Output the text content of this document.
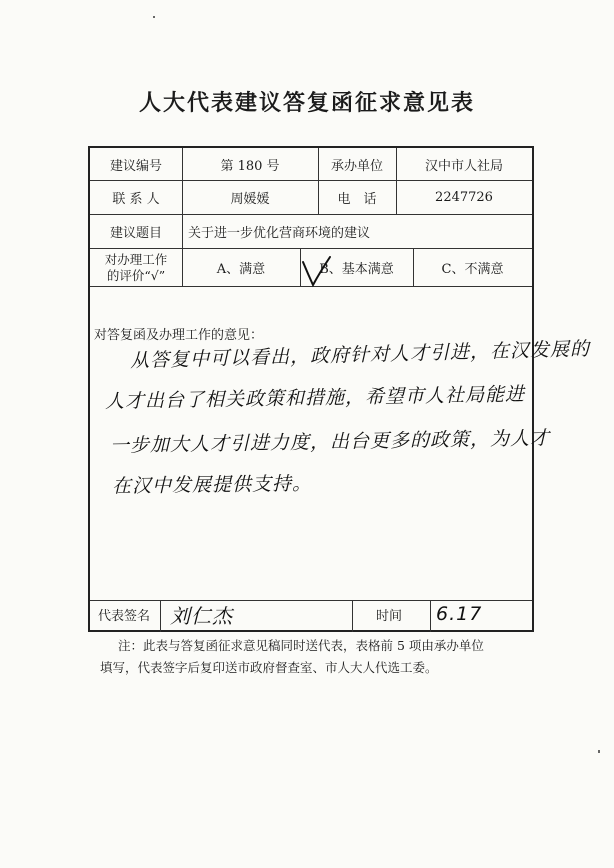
人大代表建议答复函征求意见表
建议编号	第 180 号	承办单位	汉中市人社局
联 系 人	周媛媛	电　话	2247726
建议题目	关于进一步优化营商环境的建议
对办理工作
的评价“√”	A、满意	B、 基本满意	C、不满意
对答复函及办理工作的意见：
从答复中可以看出，政府针对人才引进，在汉发展的
人才出台了相关政策和措施，希望市人社局能进
一步加大人才引进力度，出台更多的政策，为人才
在汉中发展提供支持。
代表签名	刘仁杰	时间	6.17
注：此表与答复函征求意见稿同时送代表，表格前 5 项由承办单位
填写，代表签字后复印送市政府督查室、市人大人代选工委。
